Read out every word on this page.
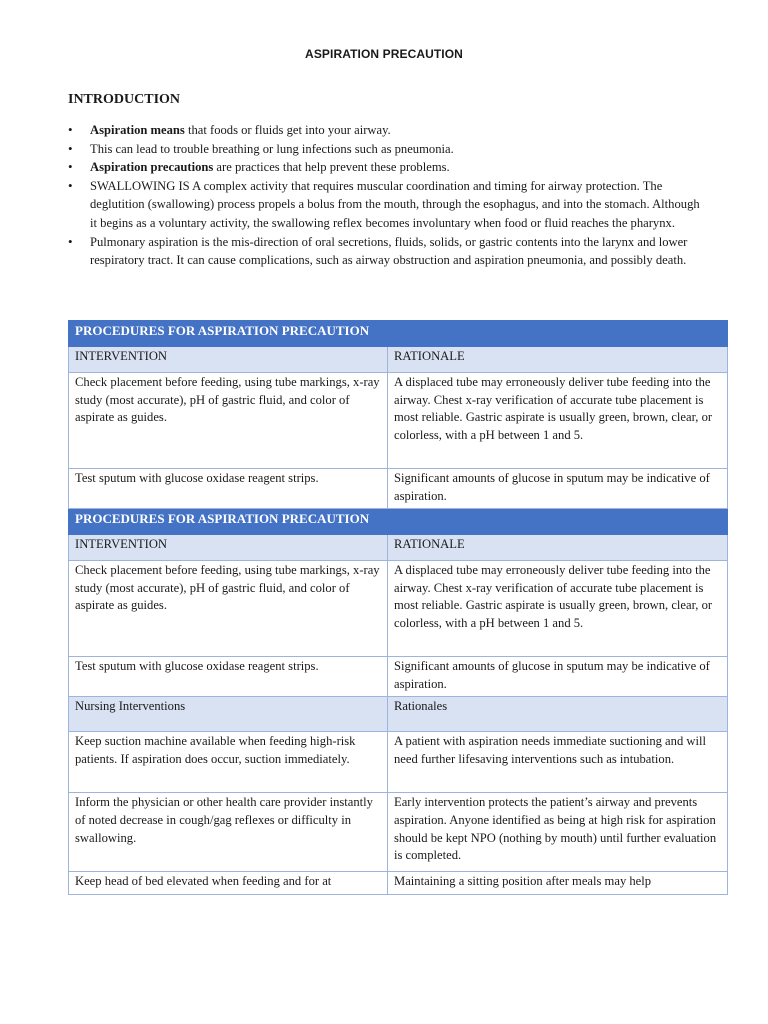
ASPIRATION PRECAUTION
INTRODUCTION
• Aspiration means that foods or fluids get into your airway.
• This can lead to trouble breathing or lung infections such as pneumonia.
• Aspiration precautions are practices that help prevent these problems.
• SWALLOWING IS A complex activity that requires muscular coordination and timing for airway protection. The deglutition (swallowing) process propels a bolus from the mouth, through the esophagus, and into the stomach. Although it begins as a voluntary activity, the swallowing reflex becomes involuntary when food or fluid reaches the pharynx.
• Pulmonary aspiration is the mis-direction of oral secretions, fluids, solids, or gastric contents into the larynx and lower respiratory tract. It can cause complications, such as airway obstruction and aspiration pneumonia, and possibly death.
PROCEDURES FOR ASPIRATION PRECAUTION	
INTERVENTION	RATIONALE
Check placement before feeding, using tube markings, x-ray study (most accurate), pH of gastric fluid, and color of aspirate as guides.	A displaced tube may erroneously deliver tube feeding into the airway. Chest x-ray verification of accurate tube placement is most reliable. Gastric aspirate is usually green, brown, clear, or colorless, with a pH between 1 and 5.
Test sputum with glucose oxidase reagent strips.	Significant amounts of glucose in sputum may be indicative of aspiration.
PROCEDURES FOR ASPIRATION PRECAUTION	
INTERVENTION	RATIONALE
Check placement before feeding, using tube markings, x-ray study (most accurate), pH of gastric fluid, and color of aspirate as guides.	A displaced tube may erroneously deliver tube feeding into the airway. Chest x-ray verification of accurate tube placement is most reliable. Gastric aspirate is usually green, brown, clear, or colorless, with a pH between 1 and 5.
Test sputum with glucose oxidase reagent strips.	Significant amounts of glucose in sputum may be indicative of aspiration.
Nursing Interventions	Rationales
Keep suction machine available when feeding high-risk patients. If aspiration does occur, suction immediately.	A patient with aspiration needs immediate suctioning and will need further lifesaving interventions such as intubation.
Inform the physician or other health care provider instantly of noted decrease in cough/gag reflexes or difficulty in swallowing.	Early intervention protects the patient’s airway and prevents aspiration. Anyone identified as being at high risk for aspiration should be kept NPO (nothing by mouth) until further evaluation is completed.
Keep head of bed elevated when feeding and for at	Maintaining a sitting position after meals may help
